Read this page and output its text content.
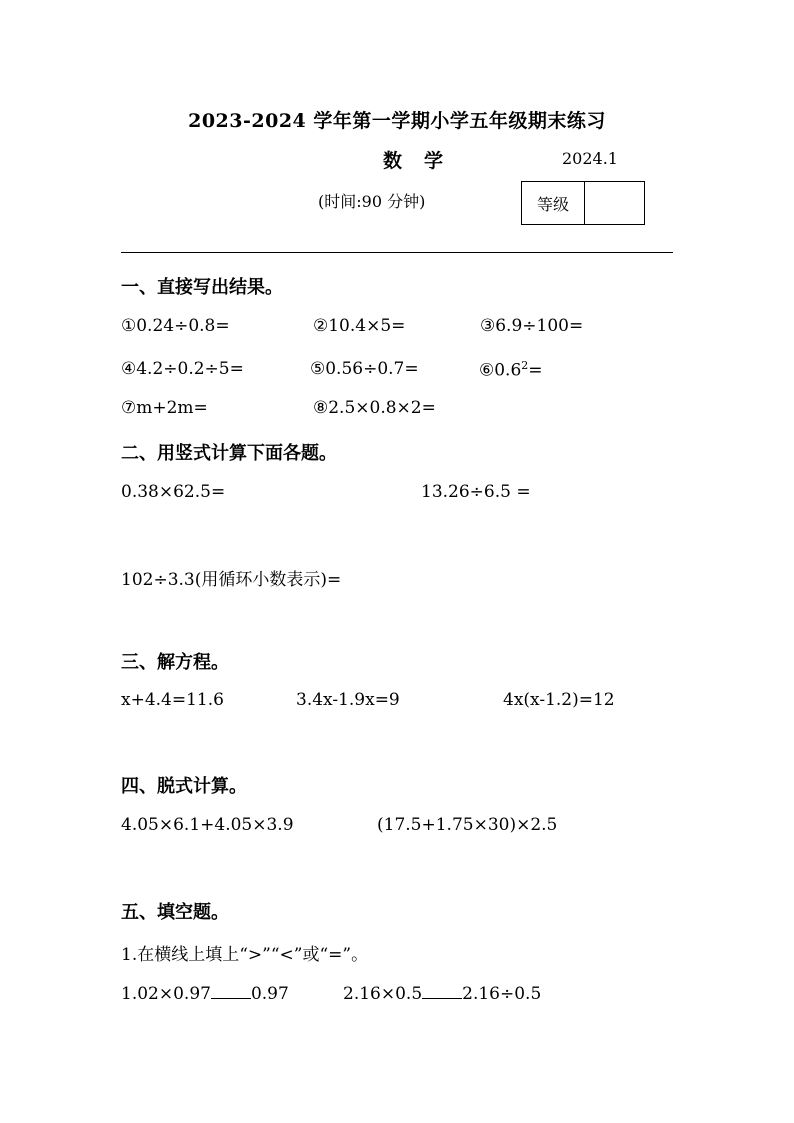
2023-2024 学年第一学期小学五年级期末练习
数学	2024.1
(时间:90 分钟)	等级
一、直接写出结果。
①0.24÷0.8=	②10.4×5=	③6.9÷100=
④4.2÷0.2÷5=	⑤0.56÷0.7=	$⑥0.6^2=$
⑦m+2m=	⑧2.5×0.8×2=
二、用竖式计算下面各题。
0.38×62.5=	13.26÷6.5 =
102÷3.3(用循环小数表示)=
三、解方程。
x+4.4=11.6	3.4x-1.9x=9	4x(x-1.2)=12
四、脱式计算。
4.05×6.1+4.05×3.9	(17.5+1.75×30)×2.5
五、填空题。
1.在横线上填上“>”“<”或“=”。
1.02×0.97 0.97	2.16×0.5 2.16÷0.5
